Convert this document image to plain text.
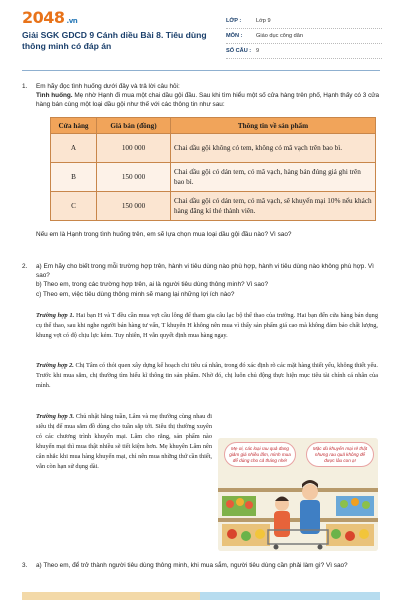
2048 .vn
Giải SGK GDCD 9 Cánh diều Bài 8. Tiêu dùng thông minh có đáp án
LỚP :	Lớp 9
MÔN :	Giáo dục công dân
SỐ CÂU : 9
1. Em hãy đọc tình huống dưới đây và trả lời câu hỏi:
Tình huống. Mẹ nhờ Hạnh đi mua một chai dầu gội đầu. Sau khi tìm hiểu một số cửa hàng trên phố, Hạnh thấy có 3 cửa hàng bán cùng một loại dầu gội như thế với các thông tin như sau:
Cửa hàng	Giá bán (đồng)	Thông tin về sản phẩm
A	100 000	Chai dầu gội không có tem, không có mã vạch trên bao bì.
B	150 000	Chai dầu gội có dán tem, có mã vạch, hàng bán đúng giá ghi trên bao bì.
C	150 000	Chai dầu gội có dán tem, có mã vạch, sẽ khuyến mại 10% nếu khách hàng đăng kí thẻ thành viên.
Nếu em là Hạnh trong tình huống trên, em sẽ lựa chọn mua loại dầu gội đầu nào? Vì sao?
2. a) Em hãy cho biết trong mỗi trường hợp trên, hành vi tiêu dùng nào phù hợp, hành vi tiêu dùng nào không phù hợp. Vì sao?
b) Theo em, trong các trường hợp trên, ai là người tiêu dùng thông minh? Vì sao?
c) Theo em, việc tiêu dùng thông minh sẽ mang lại những lợi ích nào?
Trường hợp 1. Hai bạn H và T đều cần mua vợt cầu lông để tham gia câu lạc bộ thể thao của trường. Hai bạn đến cửa hàng bán dụng cụ thể thao, sau khi nghe người bán hàng tư vấn, T khuyên H không nên mua vì thấy sản phẩm giá cao mà không đảm bảo chất lượng, khung vợt có độ chịu lực kém. Tuy nhiên, H vẫn quyết định mua hàng ngay.
Trường hợp 2. Chị Tâm có thói quen xây dựng kế hoạch chi tiêu cá nhân, trong đó xác định rõ các mặt hàng thiết yếu, không thiết yếu. Trước khi mua sắm, chị thường tìm hiểu kĩ thông tin sản phẩm. Nhờ đó, chị luôn chủ động thực hiện mục tiêu tài chính cá nhân của mình.
Trường hợp 3. Chủ nhật hằng tuần, Lâm và mẹ thường cùng nhau đi siêu thị để mua sắm đồ dùng cho tuần sắp tới. Siêu thị thường xuyên có các chương trình khuyến mại. Lâm cho rằng, sản phẩm nào khuyến mại thì mua thật nhiều sẽ tiết kiệm hơn. Mẹ khuyên Lâm nên cân nhắc khi mua hàng khuyến mại, chỉ nên mua những thứ cần thiết, vẫn còn hạn sử dụng dài.
Mẹ ơi, các loại rau quả đang giảm giá nhiều lắm, mình mua để dùng cho cả tháng nhé!
Mặc dù khuyến mại rẻ thật nhưng rau quả không để được lâu con ạ!
3. a) Theo em, để trở thành người tiêu dùng thông minh, khi mua sắm, người tiêu dùng cần phải làm gì? Vì sao?
